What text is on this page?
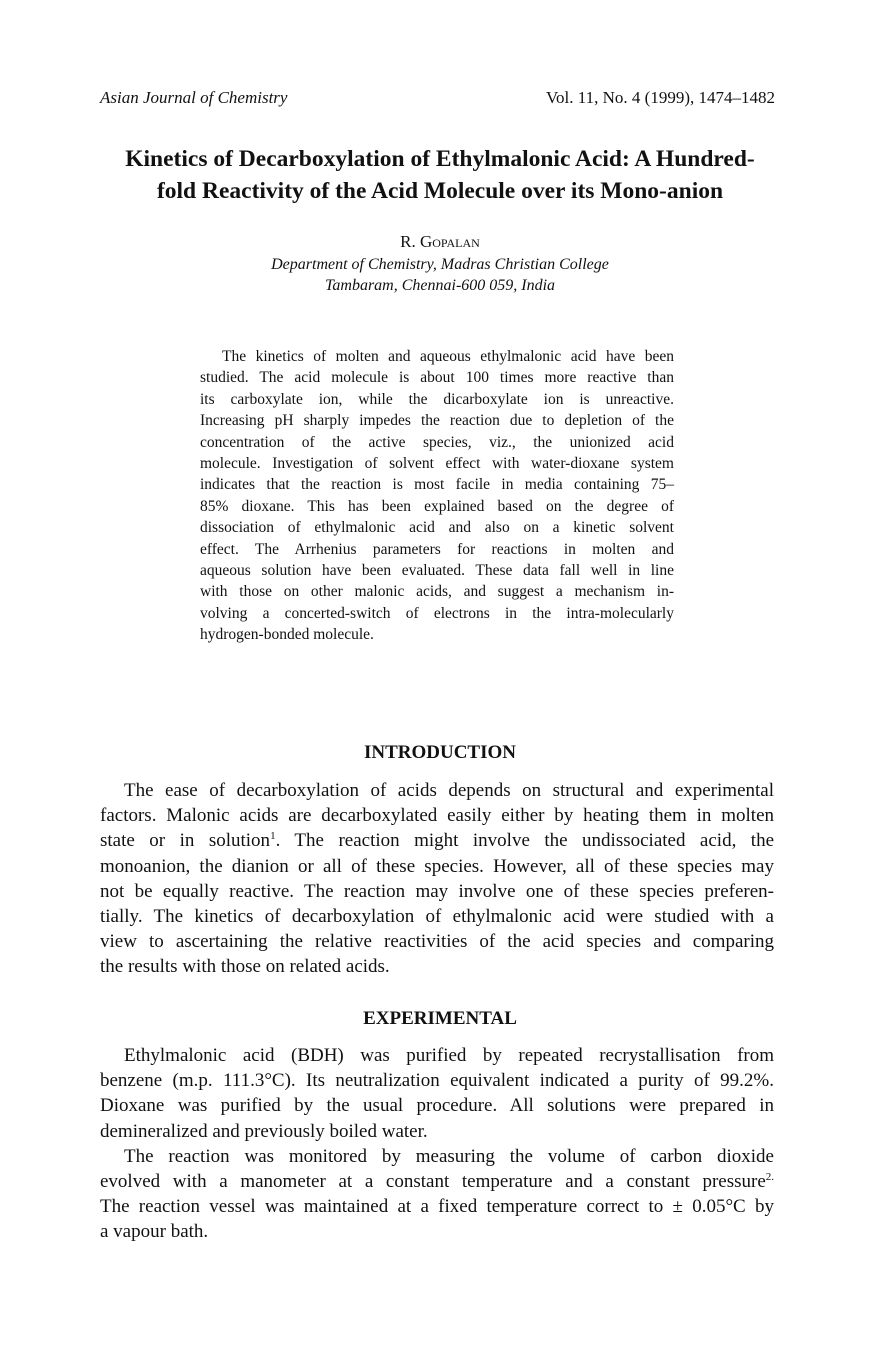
Asian Journal of Chemistry	Vol. 11, No. 4 (1999), 1474–1482
Kinetics of Decarboxylation of Ethylmalonic Acid: A Hundred-
fold Reactivity of the Acid Molecule over its Mono-anion
R. Gopalan
Department of Chemistry, Madras Christian College
Tambaram, Chennai-600 059, India
The kinetics of molten and aqueous ethylmalonic acid have been
studied. The acid molecule is about 100 times more reactive than
its carboxylate ion, while the dicarboxylate ion is unreactive.
Increasing pH sharply impedes the reaction due to depletion of the
concentration of the active species, viz., the unionized acid
molecule. Investigation of solvent effect with water-dioxane system
indicates that the reaction is most facile in media containing 75–
85% dioxane. This has been explained based on the degree of
dissociation of ethylmalonic acid and also on a kinetic solvent
effect. The Arrhenius parameters for reactions in molten and
aqueous solution have been evaluated. These data fall well in line
with those on other malonic acids, and suggest a mechanism in-
volving a concerted-switch of electrons in the intra-molecularly
hydrogen-bonded molecule.
INTRODUCTION
The ease of decarboxylation of acids depends on structural and experimental
factors. Malonic acids are decarboxylated easily either by heating them in molten
state or in solution$^1$. The reaction might involve the undissociated acid, the
monoanion, the dianion or all of these species. However, all of these species may
not be equally reactive. The reaction may involve one of these species preferen-
tially. The kinetics of decarboxylation of ethylmalonic acid were studied with a
view to ascertaining the relative reactivities of the acid species and comparing
the results with those on related acids.
EXPERIMENTAL
Ethylmalonic acid (BDH) was purified by repeated recrystallisation from
benzene (m.p. 111.3°C). Its neutralization equivalent indicated a purity of 99.2%.
Dioxane was purified by the usual procedure. All solutions were prepared in
demineralized and previously boiled water.
The reaction was monitored by measuring the volume of carbon dioxide
evolved with a manometer at a constant temperature and a constant pressure$^{2.}$
The reaction vessel was maintained at a fixed temperature correct to ± 0.05°C by
a vapour bath.
